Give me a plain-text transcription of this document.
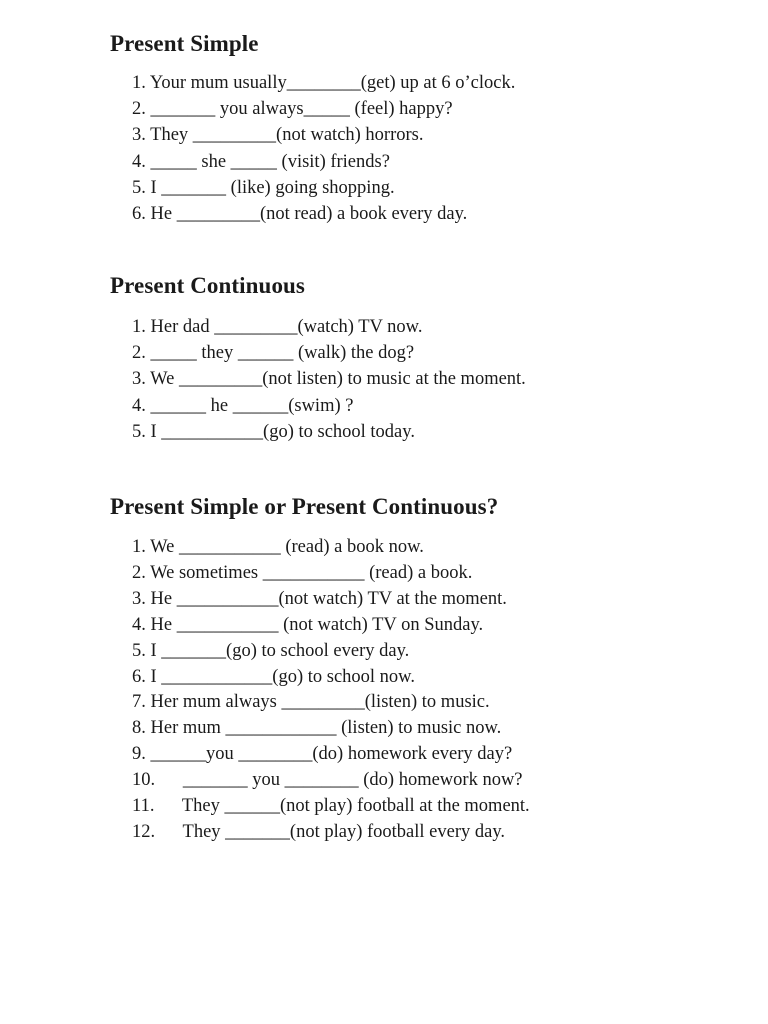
Present Simple
1. Your mum usually________(get) up at 6 o’clock.
2. _______ you always_____ (feel) happy?
3. They _________(not watch) horrors.
4. _____ she _____ (visit) friends?
5. I _______ (like) going shopping.
6. He _________(not read) a book every day.
Present Continuous
1. Her dad _________(watch) TV now.
2. _____ they ______ (walk) the dog?
3. We _________(not listen) to music at the moment.
4. ______ he ______(swim) ?
5. I ___________(go) to school today.
Present Simple or Present Continuous?
1. We ___________ (read) a book now.
2. We sometimes ___________ (read) a book.
3. He ___________(not watch) TV at the moment.
4. He ___________ (not watch) TV on Sunday.
5. I _______(go) to school every day.
6. I ____________(go) to school now.
7. Her mum always _________(listen) to music.
8. Her mum ____________ (listen) to music now.
9. ______you ________(do) homework every day?
10.      _______ you ________ (do) homework now?
11.      They ______(not play) football at the moment.
12.      They _______(not play) football every day.
